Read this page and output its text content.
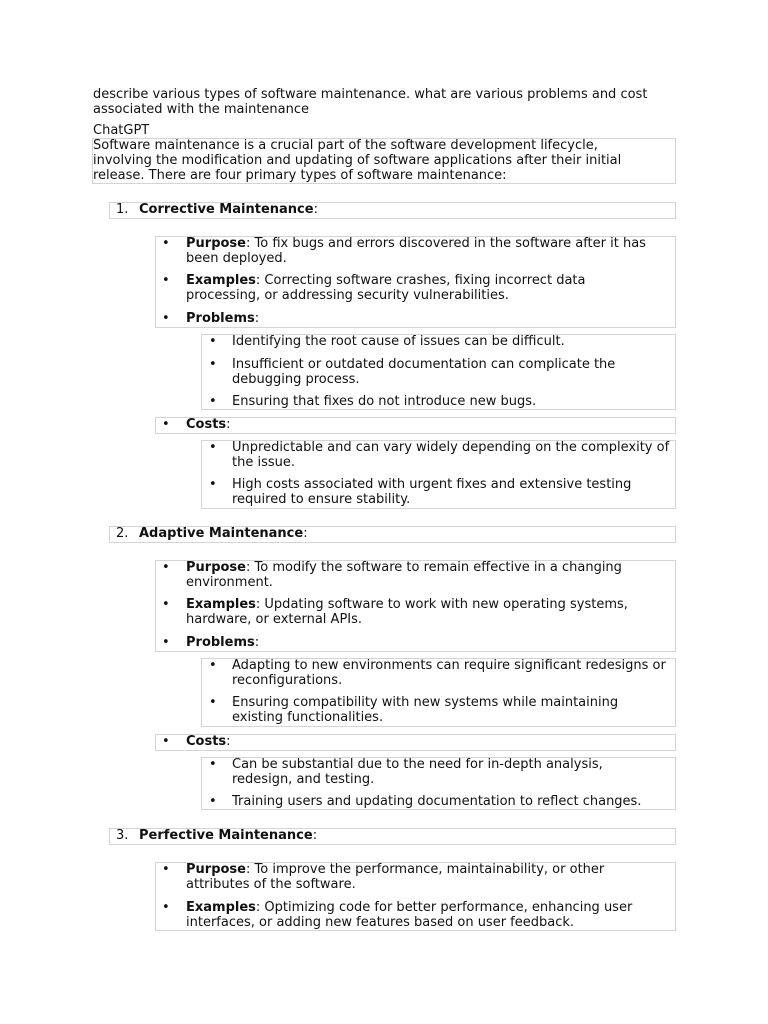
describe various types of software maintenance. what are various problems and cost associated with the maintenance
ChatGPT
Software maintenance is a crucial part of the software development lifecycle, involving the modification and updating of software applications after their initial release. There are four primary types of software maintenance:
1. Corrective Maintenance:
•
Purpose: To fix bugs and errors discovered in the software after it has been deployed.
•
Examples: Correcting software crashes, fixing incorrect data processing, or addressing security vulnerabilities.
•
Problems:
•
Identifying the root cause of issues can be difficult.
•
Insufficient or outdated documentation can complicate the debugging process.
•
Ensuring that fixes do not introduce new bugs.
•
Costs:
•
Unpredictable and can vary widely depending on the complexity of the issue.
•
High costs associated with urgent fixes and extensive testing required to ensure stability.
2. Adaptive Maintenance:
•
Purpose: To modify the software to remain effective in a changing environment.
•
Examples: Updating software to work with new operating systems, hardware, or external APIs.
•
Problems:
•
Adapting to new environments can require significant redesigns or reconfigurations.
•
Ensuring compatibility with new systems while maintaining existing functionalities.
•
Costs:
•
Can be substantial due to the need for in-depth analysis, redesign, and testing.
•
Training users and updating documentation to reflect changes.
3. Perfective Maintenance:
•
Purpose: To improve the performance, maintainability, or other attributes of the software.
•
Examples: Optimizing code for better performance, enhancing user interfaces, or adding new features based on user feedback.
